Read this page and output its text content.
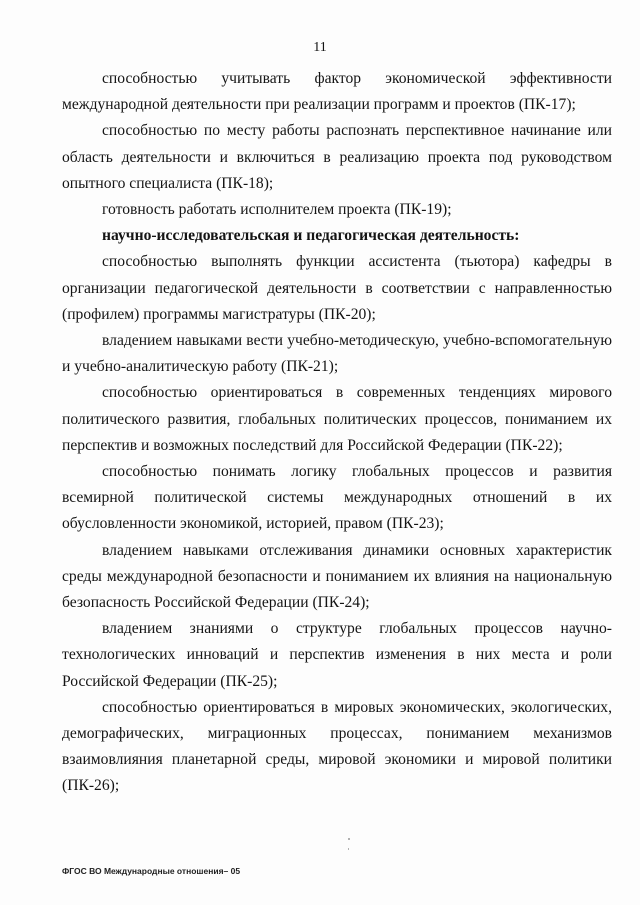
11

способностью учитывать фактор экономической эффективности международной деятельности при реализации программ и проектов (ПК-17);

способностью по месту работы распознать перспективное начинание или область деятельности и включиться в реализацию проекта под руководством опытного специалиста (ПК-18);

готовность работать исполнителем проекта (ПК-19);

научно-исследовательская и педагогическая деятельность:

способностью выполнять функции ассистента (тьютора) кафедры в организации педагогической деятельности в соответствии с направленностью (профилем) программы магистратуры (ПК-20);

владением навыками вести учебно-методическую, учебно-вспомогательную и учебно-аналитическую работу (ПК-21);

способностью ориентироваться в современных тенденциях мирового политического развития, глобальных политических процессов, пониманием их перспектив и возможных последствий для Российской Федерации (ПК-22);

способностью понимать логику глобальных процессов и развития всемирной политической системы международных отношений в их обусловленности экономикой, историей, правом (ПК-23);

владением навыками отслеживания динамики основных характеристик среды международной безопасности и пониманием их влияния на национальную безопасность Российской Федерации (ПК-24);

владением знаниями о структуре глобальных процессов научно-технологических инноваций и перспектив изменения в них места и роли Российской Федерации (ПК-25);

способностью ориентироваться в мировых экономических, экологических, демографических, миграционных процессах, пониманием механизмов взаимовлияния планетарной среды, мировой экономики и мировой политики (ПК-26);

ФГОС ВО Международные отношения– 05
